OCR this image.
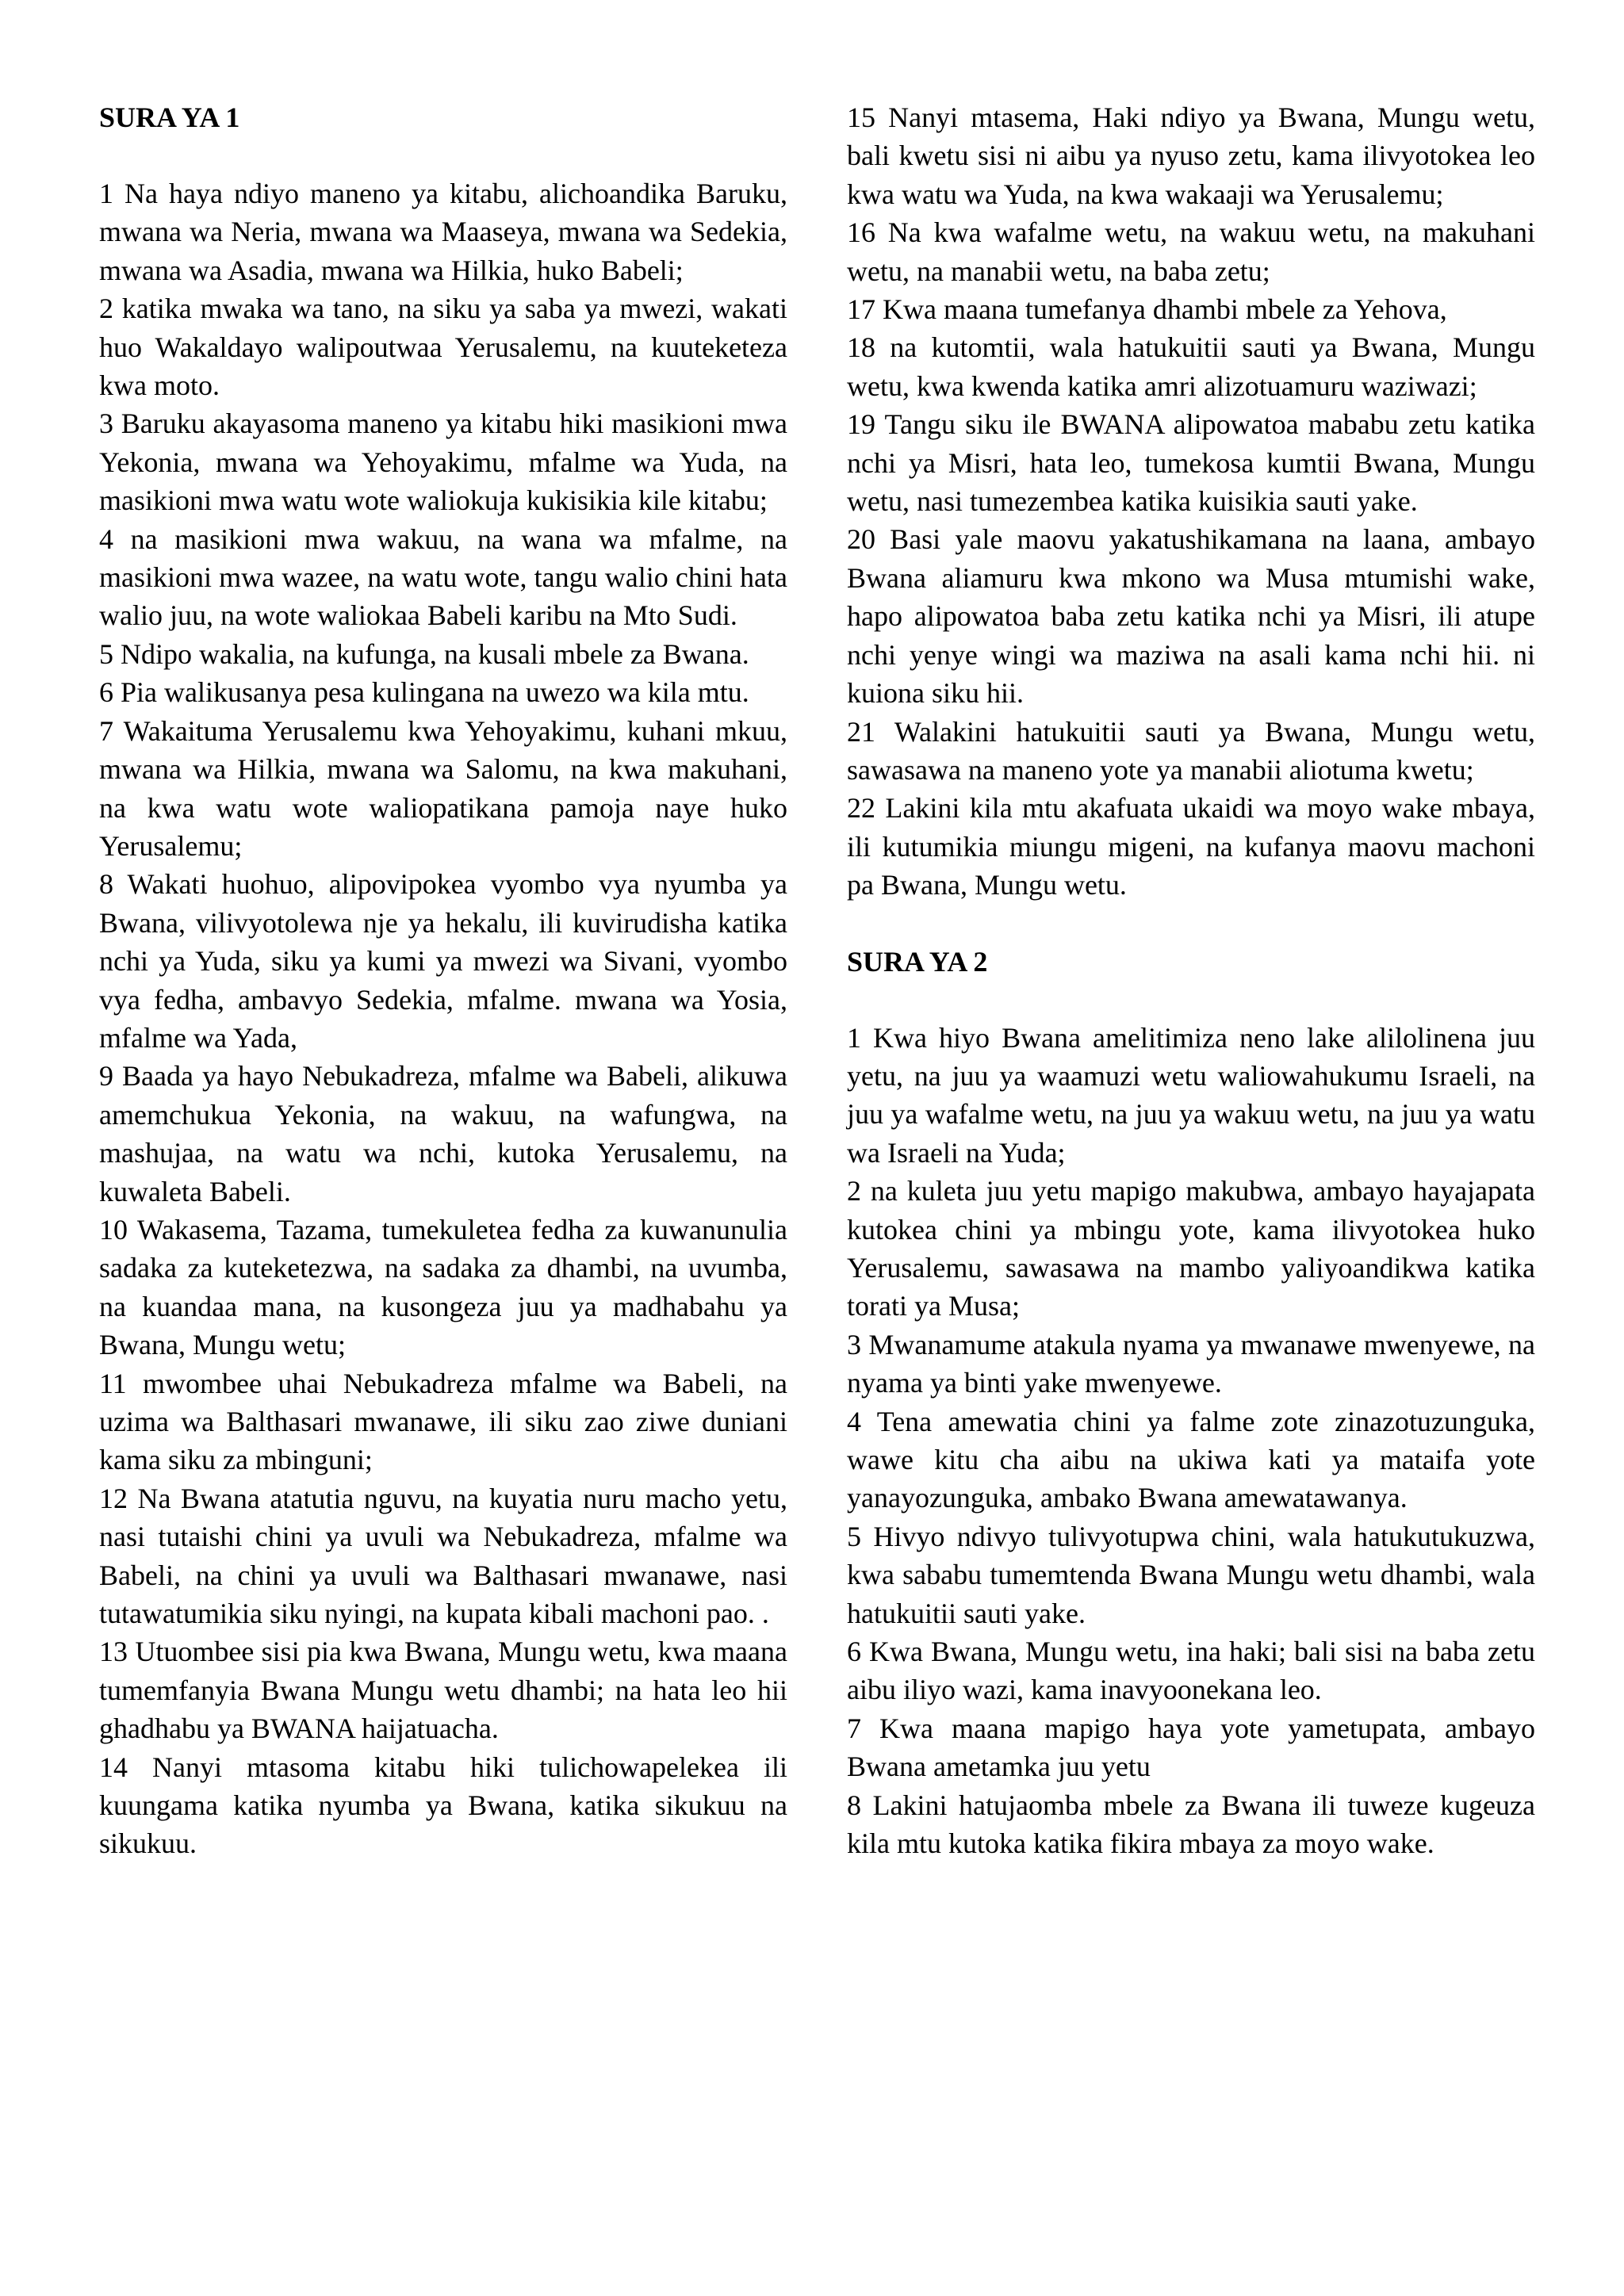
SURA YA 1

1 Na haya ndiyo maneno ya kitabu, alichoandika Baruku, mwana wa Neria, mwana wa Maaseya, mwana wa Sedekia, mwana wa Asadia, mwana wa Hilkia, huko Babeli;

2 katika mwaka wa tano, na siku ya saba ya mwezi, wakati huo Wakaldayo walipoutwaa Yerusalemu, na kuuteketeza kwa moto.

3 Baruku akayasoma maneno ya kitabu hiki masikioni mwa Yekonia, mwana wa Yehoyakimu, mfalme wa Yuda, na masikioni mwa watu wote waliokuja kukisikia kile kitabu;

4 na masikioni mwa wakuu, na wana wa mfalme, na masikioni mwa wazee, na watu wote, tangu walio chini hata walio juu, na wote waliokaa Babeli karibu na Mto Sudi.

5 Ndipo wakalia, na kufunga, na kusali mbele za Bwana.

6 Pia walikusanya pesa kulingana na uwezo wa kila mtu.

7 Wakaituma Yerusalemu kwa Yehoyakimu, kuhani mkuu, mwana wa Hilkia, mwana wa Salomu, na kwa makuhani, na kwa watu wote waliopatikana pamoja naye huko Yerusalemu;

8 Wakati huohuo, alipovipokea vyombo vya nyumba ya Bwana, vilivyotolewa nje ya hekalu, ili kuvirudisha katika nchi ya Yuda, siku ya kumi ya mwezi wa Sivani, vyombo vya fedha, ambavyo Sedekia, mfalme. mwana wa Yosia, mfalme wa Yada,

9 Baada ya hayo Nebukadreza, mfalme wa Babeli, alikuwa amemchukua Yekonia, na wakuu, na wafungwa, na mashujaa, na watu wa nchi, kutoka Yerusalemu, na kuwaleta Babeli.

10 Wakasema, Tazama, tumekuletea fedha za kuwanunulia sadaka za kuteketezwa, na sadaka za dhambi, na uvumba, na kuandaa mana, na kusongeza juu ya madhabahu ya Bwana, Mungu wetu;

11 mwombee uhai Nebukadreza mfalme wa Babeli, na uzima wa Balthasari mwanawe, ili siku zao ziwe duniani kama siku za mbinguni;

12 Na Bwana atatutia nguvu, na kuyatia nuru macho yetu, nasi tutaishi chini ya uvuli wa Nebukadreza, mfalme wa Babeli, na chini ya uvuli wa Balthasari mwanawe, nasi tutawatumikia siku nyingi, na kupata kibali machoni pao. .

13 Utuombee sisi pia kwa Bwana, Mungu wetu, kwa maana tumemfanyia Bwana Mungu wetu dhambi; na hata leo hii ghadhabu ya BWANA haijatuacha.

14 Nanyi mtasoma kitabu hiki tulichowapelekea ili kuungama katika nyumba ya Bwana, katika sikukuu na sikukuu.

15 Nanyi mtasema, Haki ndiyo ya Bwana, Mungu wetu, bali kwetu sisi ni aibu ya nyuso zetu, kama ilivyotokea leo kwa watu wa Yuda, na kwa wakaaji wa Yerusalemu;

16 Na kwa wafalme wetu, na wakuu wetu, na makuhani wetu, na manabii wetu, na baba zetu;

17 Kwa maana tumefanya dhambi mbele za Yehova,

18 na kutomtii, wala hatukuitii sauti ya Bwana, Mungu wetu, kwa kwenda katika amri alizotuamuru waziwazi;

19 Tangu siku ile BWANA alipowatoa mababu zetu katika nchi ya Misri, hata leo, tumekosa kumtii Bwana, Mungu wetu, nasi tumezembea katika kuisikia sauti yake.

20 Basi yale maovu yakatushikamana na laana, ambayo Bwana aliamuru kwa mkono wa Musa mtumishi wake, hapo alipowatoa baba zetu katika nchi ya Misri, ili atupe nchi yenye wingi wa maziwa na asali kama nchi hii. ni kuiona siku hii.

21 Walakini hatukuitii sauti ya Bwana, Mungu wetu, sawasawa na maneno yote ya manabii aliotuma kwetu;

22 Lakini kila mtu akafuata ukaidi wa moyo wake mbaya, ili kutumikia miungu migeni, na kufanya maovu machoni pa Bwana, Mungu wetu.

SURA YA 2

1 Kwa hiyo Bwana amelitimiza neno lake alilolinena juu yetu, na juu ya waamuzi wetu waliowahukumu Israeli, na juu ya wafalme wetu, na juu ya wakuu wetu, na juu ya watu wa Israeli na Yuda;

2 na kuleta juu yetu mapigo makubwa, ambayo hayajapata kutokea chini ya mbingu yote, kama ilivyotokea huko Yerusalemu, sawasawa na mambo yaliyoandikwa katika torati ya Musa;

3 Mwanamume atakula nyama ya mwanawe mwenyewe, na nyama ya binti yake mwenyewe.

4 Tena amewatia chini ya falme zote zinazotuzunguka, wawe kitu cha aibu na ukiwa kati ya mataifa yote yanayozunguka, ambako Bwana amewatawanya.

5 Hivyo ndivyo tulivyotupwa chini, wala hatukutukuzwa, kwa sababu tumemtenda Bwana Mungu wetu dhambi, wala hatukuitii sauti yake.

6 Kwa Bwana, Mungu wetu, ina haki; bali sisi na baba zetu aibu iliyo wazi, kama inavyoonekana leo.

7 Kwa maana mapigo haya yote yametupata, ambayo Bwana ametamka juu yetu

8 Lakini hatujaomba mbele za Bwana ili tuweze kugeuza kila mtu kutoka katika fikira mbaya za moyo wake.
